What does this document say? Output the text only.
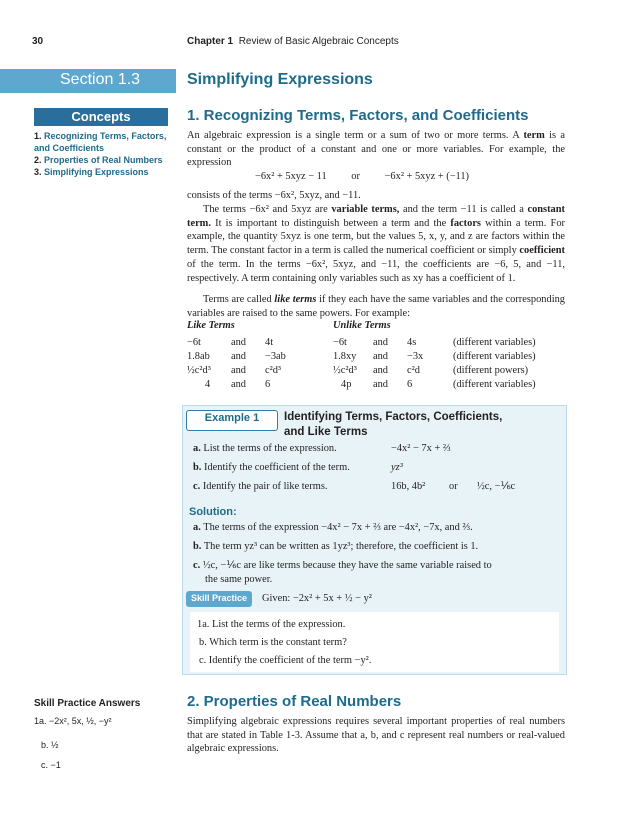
30	Chapter 1 Review of Basic Algebraic Concepts
Section 1.3	Simplifying Expressions
Concepts
1. Recognizing Terms, Factors, and Coefficients
2. Properties of Real Numbers
3. Simplifying Expressions
1. Recognizing Terms, Factors, and Coefficients
An algebraic expression is a single term or a sum of two or more terms. A term is a constant or the product of a constant and one or more variables. For example, the expression
−6x² + 5xyz − 11 or −6x² + 5xyz + (−11)
consists of the terms −6x², 5xyz, and −11.
The terms −6x² and 5xyz are variable terms, and the term −11 is called a constant term. It is important to distinguish between a term and the factors within a term. For example, the quantity 5xyz is one term, but the values 5, x, y, and z are factors within the term. The constant factor in a term is called the numerical coefficient or simply coefficient of the term. In the terms −6x², 5xyz, and −11, the coefficients are −6, 5, and −11, respectively. A term containing only variables such as xy has a coefficient of 1.
Terms are called like terms if they each have the same variables and the corresponding variables are raised to the same powers. For example:
Like Terms	Unlike Terms
−6t	and	4t	−6t	and	4s	(different variables)
1.8ab	and	−3ab	1.8xy	and	−3x	(different variables)
½c²d³	and	c²d³	½c²d³	and	c²d	(different powers)
4	and	6	4p	and	6	(different variables)
Example 1	Identifying Terms, Factors, Coefficients, and Like Terms
a. List the terms of the expression.	−4x² − 7x + ⅔
b. Identify the coefficient of the term.	yz³
c. Identify the pair of like terms.	16b, 4b² or ½c, −⅙c
Solution:
a. The terms of the expression −4x² − 7x + ⅔ are −4x², −7x, and ⅔.
b. The term yz³ can be written as 1yz³; therefore, the coefficient is 1.
c. ½c, −⅙c are like terms because they have the same variable raised to the same power.
Skill Practice	Given: −2x² + 5x + ½ − y²
1a. List the terms of the expression.
b. Which term is the constant term?
c. Identify the coefficient of the term −y².
Skill Practice Answers
1a. −2x², 5x, ½, −y²
b. ½
c. −1
2. Properties of Real Numbers
Simplifying algebraic expressions requires several important properties of real numbers that are stated in Table 1-3. Assume that a, b, and c represent real numbers or real-valued algebraic expressions.
